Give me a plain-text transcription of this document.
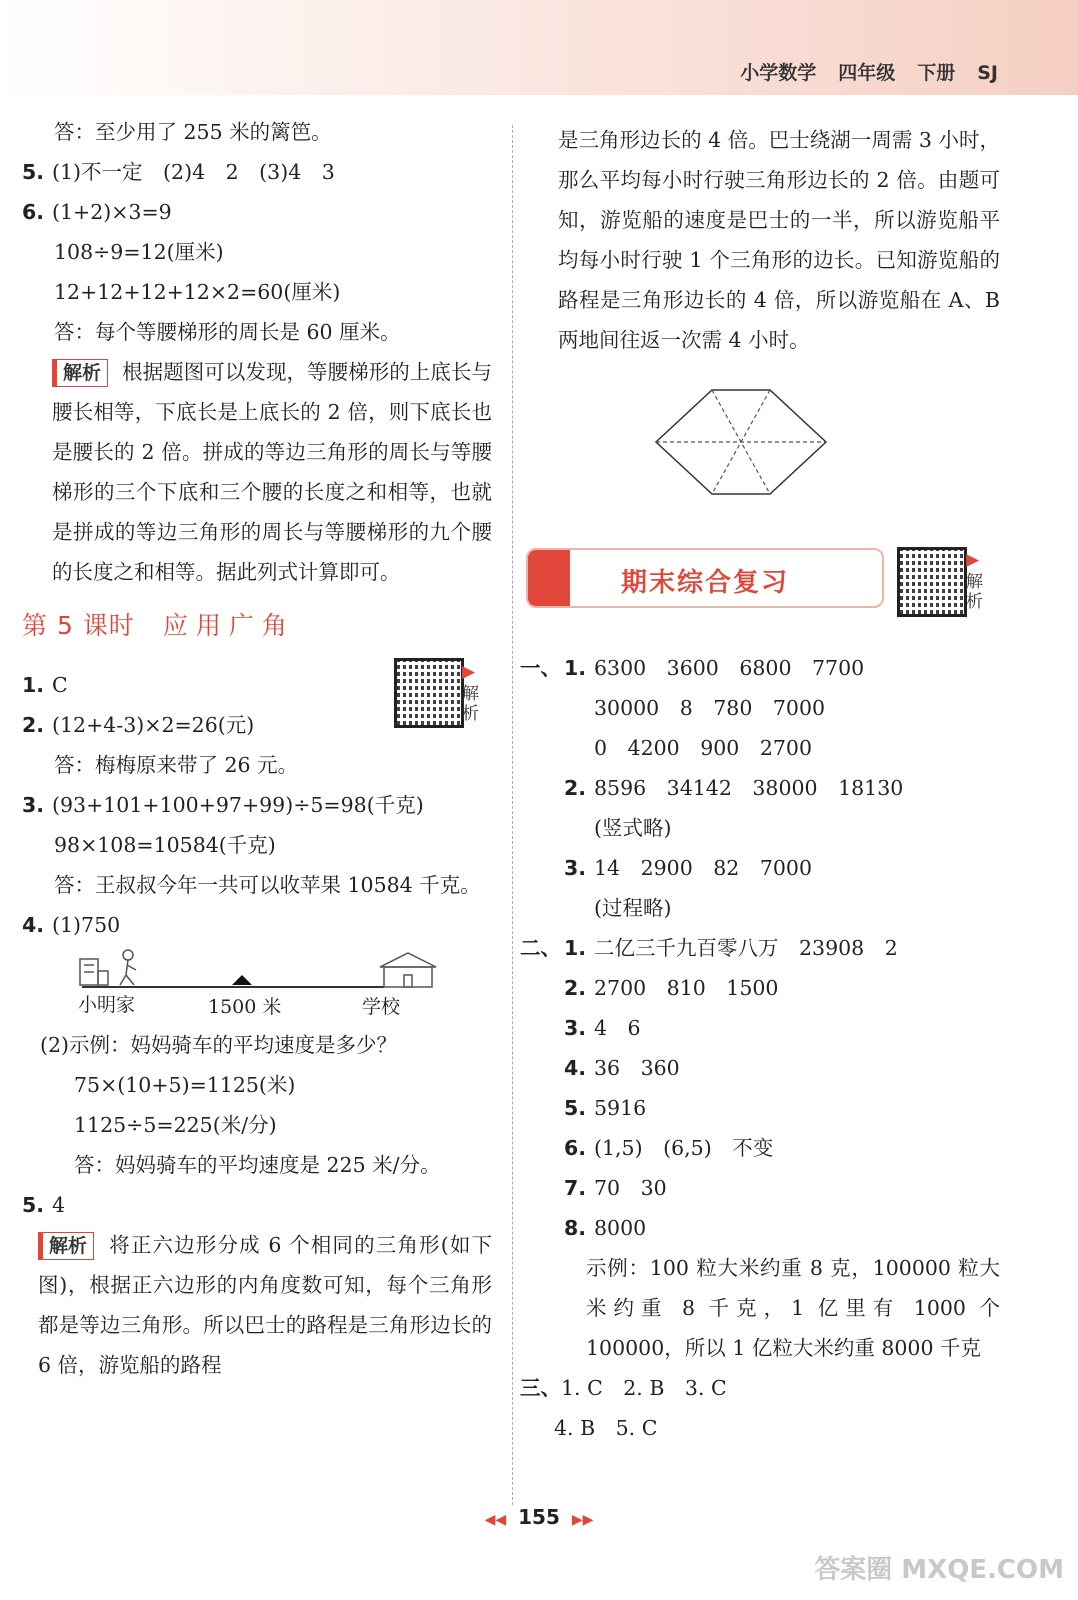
小学数学 四年级 下册 SJ

答：至少用了 255 米的篱笆。

5. (1)不一定　(2)4　2　(3)4　3

6. (1+2)×3=9

108÷9=12(厘米)

12+12+12+12×2=60(厘米)

答：每个等腰梯形的周长是 60 厘米。

解析 根据题图可以发现，等腰梯形的上底长与腰长相等，下底长是上底长的 2 倍，则下底长也是腰长的 2 倍。拼成的等边三角形的周长与等腰梯形的三个下底和三个腰的长度之和相等，也就是拼成的等边三角形的周长与等腰梯形的九个腰的长度之和相等。据此列式计算即可。

第 5 课时 应用广角

1. C

2. (12+4-3)×2=26(元)

答：梅梅原来带了 26 元。

3. (93+101+100+97+99)÷5=98(千克)

98×108=10584(千克)

答：王叔叔今年一共可以收苹果 10584 千克。

4. (1)750

小明家	1500 米	学校

(2)示例：妈妈骑车的平均速度是多少？

75×(10+5)=1125(米)

1125÷5=225(米/分)

答：妈妈骑车的平均速度是 225 米/分。

5. 4

解析 将正六边形分成 6 个相同的三角形(如下图)，根据正六边形的内角度数可知，每个三角形都是等边三角形。所以巴士的路程是三角形边长的 6 倍，游览船的路程

▶
解析

是三角形边长的 4 倍。巴士绕湖一周需 3 小时，那么平均每小时行驶三角形边长的 2 倍。由题可知，游览船的速度是巴士的一半，所以游览船平均每小时行驶 1 个三角形的边长。已知游览船的路程是三角形边长的 4 倍，所以游览船在 A、B 两地间往返一次需 4 小时。

一、 1. 6300　3600　6800　7700

30000　8　780　7000

0　4200　900　2700

2. 8596　34142　38000　18130

(竖式略)

3. 14　2900　82　7000

(过程略)

二、 1. 二亿三千九百零八万　23908　2

2. 2700　810　1500

3. 4　6

4. 36　360

5. 5916

6. (1,5)　(6,5)　不变

7. 70　30

8. 8000

示例：100 粒大米约重 8 克，100000 粒大米约重 8 千克，1 亿里有 1000 个 100000，所以 1 亿粒大米约重 8000 千克

三、1. C　2. B　3. C

4. B　5. C

期末综合复习
▶
解析
◀◀ 155 ▶▶
答案圈 MXQE.COM
